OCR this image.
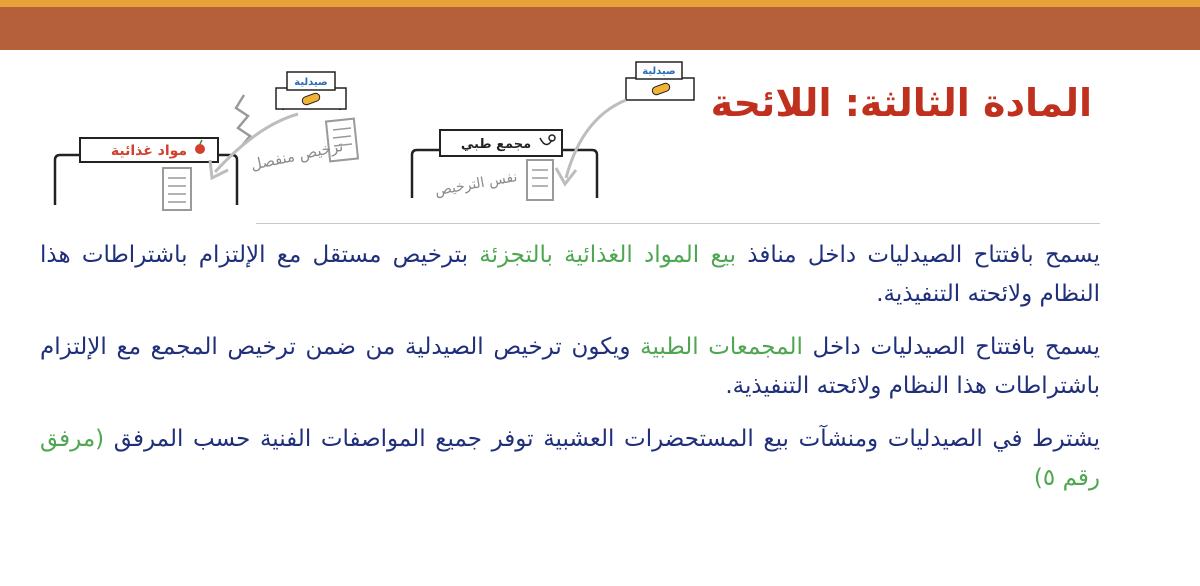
المادة الثالثة: اللائحة
مواد غذائية
صيدلية
ترخيص منفصل	مجمع طبي
نفس الترخيص
صيدلية

يسمح بافتتاح الصيدليات داخل منافذ بيع المواد الغذائية بالتجزئة بترخيص مستقل مع الإلتزام باشتراطات هذا النظام ولائحته التنفيذية.

يسمح بافتتاح الصيدليات داخل المجمعات الطبية ويكون ترخيص الصيدلية من ضمن ترخيص المجمع مع الإلتزام باشتراطات هذا النظام ولائحته التنفيذية.

يشترط في الصيدليات ومنشآت بيع المستحضرات العشبية توفر جميع المواصفات الفنية حسب المرفق (مرفق رقم ٥)
